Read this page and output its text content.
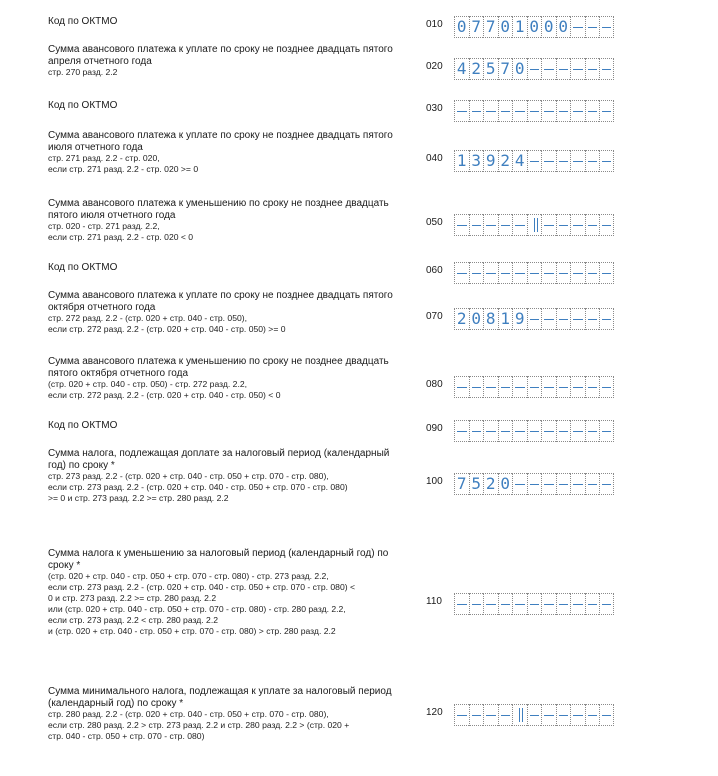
Код по ОКТМО	010 0 7 7 0 1 0 0 0
Сумма авансового платежа к уплате по сроку не позднее двадцать пятого апреля отчетного года
стр. 270 разд. 2.2	020 4 2 5 7 0
Код по ОКТМО	030
Сумма авансового платежа к уплате по сроку не позднее двадцать пятого июля отчетного года
стр. 271 разд. 2.2 - стр. 020,
если стр. 271 разд. 2.2 - стр. 020 >= 0
040 1 3 9 2 4
Сумма авансового платежа к уменьшению по сроку не позднее двадцать пятого июля отчетного года
стр. 020 - стр. 271 разд. 2.2,
если стр. 271 разд. 2.2 - стр. 020 < 0
050
Код по ОКТМО	060
Сумма авансового платежа к уплате по сроку не позднее двадцать пятого октября отчетного года
стр. 272 разд. 2.2 - (стр. 020 + стр. 040 - стр. 050),
если стр. 272 разд. 2.2 - (стр. 020 + стр. 040 - стр. 050) >= 0
070 2 0 8 1 9
Сумма авансового платежа к уменьшению по сроку не позднее двадцать пятого октября отчетного года
(стр. 020 + стр. 040 - стр. 050) - стр. 272 разд. 2.2,
если стр. 272 разд. 2.2 - (стр. 020 + стр. 040 - стр. 050) < 0
080
Код по ОКТМО	090
Сумма налога, подлежащая доплате за налоговый период (календарный год) по сроку *
стр. 273 разд. 2.2 - (стр. 020 + стр. 040 - стр. 050 + стр. 070 - стр. 080),
если стр. 273 разд. 2.2 - (стр. 020 + стр. 040 - стр. 050 + стр. 070 - стр. 080)
>= 0 и стр. 273 разд. 2.2 >= стр. 280 разд. 2.2
100 7 5 2 0
Сумма налога к уменьшению за налоговый период (календарный год) по сроку *
(стр. 020 + стр. 040 - стр. 050 + стр. 070 - стр. 080) - стр. 273 разд. 2.2,
если стр. 273 разд. 2.2 - (стр. 020 + стр. 040 - стр. 050 + стр. 070 - стр. 080) <
0 и стр. 273 разд. 2.2 >= стр. 280 разд. 2.2
или (стр. 020 + стр. 040 - стр. 050 + стр. 070 - стр. 080) - стр. 280 разд. 2.2,
если стр. 273 разд. 2.2 < стр. 280 разд. 2.2
и (стр. 020 + стр. 040 - стр. 050 + стр. 070 - стр. 080) > стр. 280 разд. 2.2
110
Сумма минимального налога, подлежащая к уплате за налоговый период (календарный год) по сроку *
стр. 280 разд. 2.2 - (стр. 020 + стр. 040 - стр. 050 + стр. 070 - стр. 080),
если стр. 280 разд. 2.2 > стр. 273 разд. 2.2 и стр. 280 разд. 2.2 > (стр. 020 +
стр. 040 - стр. 050 + стр. 070 - стр. 080)
120
